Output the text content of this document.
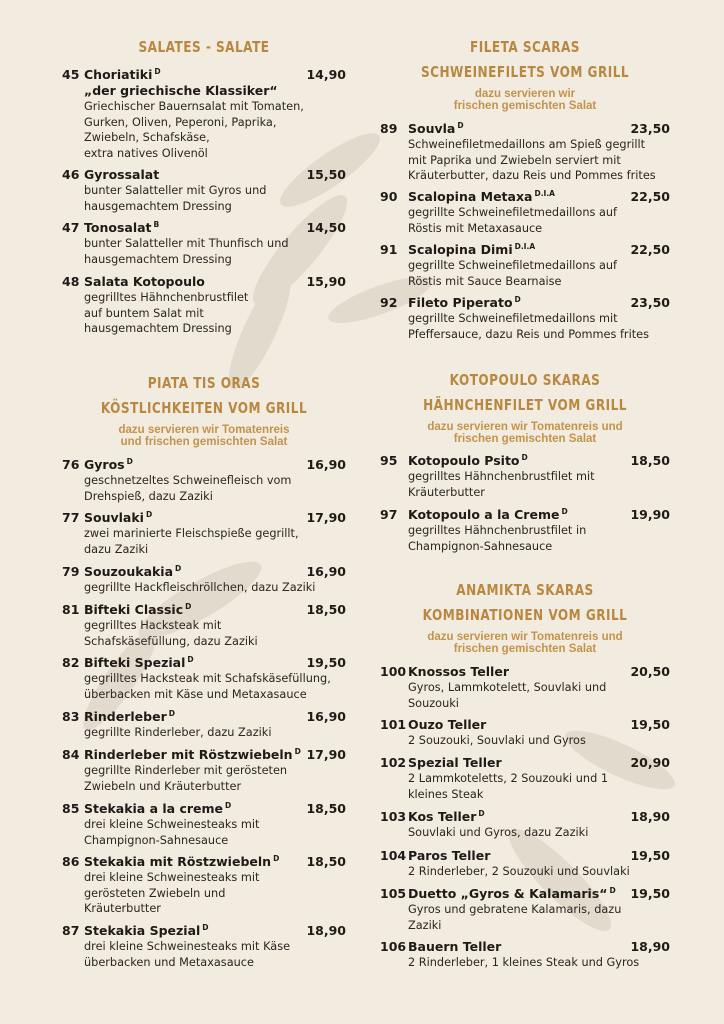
SALATES - SALATE
45 Choriatiki $^D$	14,90
„der griechische Klassiker“
Griechischer Bauernsalat mit Tomaten,
Gurken, Oliven, Peperoni, Paprika,
Zwiebeln, Schafskäse,
extra natives Olivenöl
46 Gyrossalat	15,50
bunter Salatteller mit Gyros und
hausgemachtem Dressing
47 Tonosalat $^B$	14,50
bunter Salatteller mit Thunfisch und
hausgemachtem Dressing
48 Salata Kotopoulo	15,90
gegrilltes Hähnchenbrustfilet
auf buntem Salat mit
hausgemachtem Dressing
PIATA TIS ORAS
KÖSTLICHKEITEN VOM GRILL
dazu servieren wir Tomatenreis
und frischen gemischten Salat
76 Gyros $^D$	16,90
geschnetzeltes Schweinefleisch vom
Drehspieß, dazu Zaziki
77 Souvlaki $^D$	17,90
zwei marinierte Fleischspieße gegrillt,
dazu Zaziki
79 Souzoukakia $^D$	16,90
gegrillte Hackfleischröllchen, dazu Zaziki
81 Bifteki Classic $^D$	18,50
gegrilltes Hacksteak mit
Schafskäsefüllung, dazu Zaziki
82 Bifteki Spezial $^D$	19,50
gegrilltes Hacksteak mit Schafskäsefüllung,
überbacken mit Käse und Metaxasauce
83 Rinderleber $^D$	16,90
gegrillte Rinderleber, dazu Zaziki
84 Rinderleber mit Röstzwiebeln $^D$ 17,90
gegrillte Rinderleber mit gerösteten
Zwiebeln und Kräuterbutter
85 Stekakia a la creme $^D$	18,50
drei kleine Schweinesteaks mit
Champignon-Sahnesauce
86 Stekakia mit Röstzwiebeln $^D$	18,50
drei kleine Schweinesteaks mit
gerösteten Zwiebeln und
Kräuterbutter
87 Stekakia Spezial $^D$	18,90
drei kleine Schweinesteaks mit Käse
überbacken und Metaxasauce
FILETA SCARAS
SCHWEINEFILETS VOM GRILL
dazu servieren wir
frischen gemischten Salat
89 Souvla $^D$	23,50
Schweinefiletmedaillons am Spieß gegrillt
mit Paprika und Zwiebeln serviert mit
Kräuterbutter, dazu Reis und Pommes frites
90 Scalopina Metaxa $^{D.I.A}$	22,50
gegrillte Schweinefiletmedaillons auf
Röstis mit Metaxasauce
91 Scalopina Dimi $^{D.I.A}$	22,50
gegrillte Schweinefiletmedaillons auf
Röstis mit Sauce Bearnaise
92 Fileto Piperato $^D$	23,50
gegrillte Schweinefiletmedaillons mit
Pfeffersauce, dazu Reis und Pommes frites
KOTOPOULO SKARAS
HÄHNCHENFILET VOM GRILL
dazu servieren wir Tomatenreis und
frischen gemischten Salat
95 Kotopoulo Psito $^D$	18,50
gegrilltes Hähnchenbrustfilet mit
Kräuterbutter
97 Kotopoulo a la Creme $^D$	19,90
gegrilltes Hähnchenbrustfilet in
Champignon-Sahnesauce
ANAMIKTA SKARAS
KOMBINATIONEN VOM GRILL
dazu servieren wir Tomatenreis und
frischen gemischten Salat
100 Knossos Teller	20,50
Gyros, Lammkotelett, Souvlaki und
Souzouki
101 Ouzo Teller	19,50
2 Souzouki, Souvlaki und Gyros
102 Spezial Teller	20,90
2 Lammkoteletts, 2 Souzouki und 1
kleines Steak
103 Kos Teller $^D$	18,90
Souvlaki und Gyros, dazu Zaziki
104 Paros Teller	19,50
2 Rinderleber, 2 Souzouki und Souvlaki
105 Duetto „Gyros & Kalamaris“ $^D$	19,50
Gyros und gebratene Kalamaris, dazu
Zaziki
106 Bauern Teller	18,90
2 Rinderleber, 1 kleines Steak und Gyros
